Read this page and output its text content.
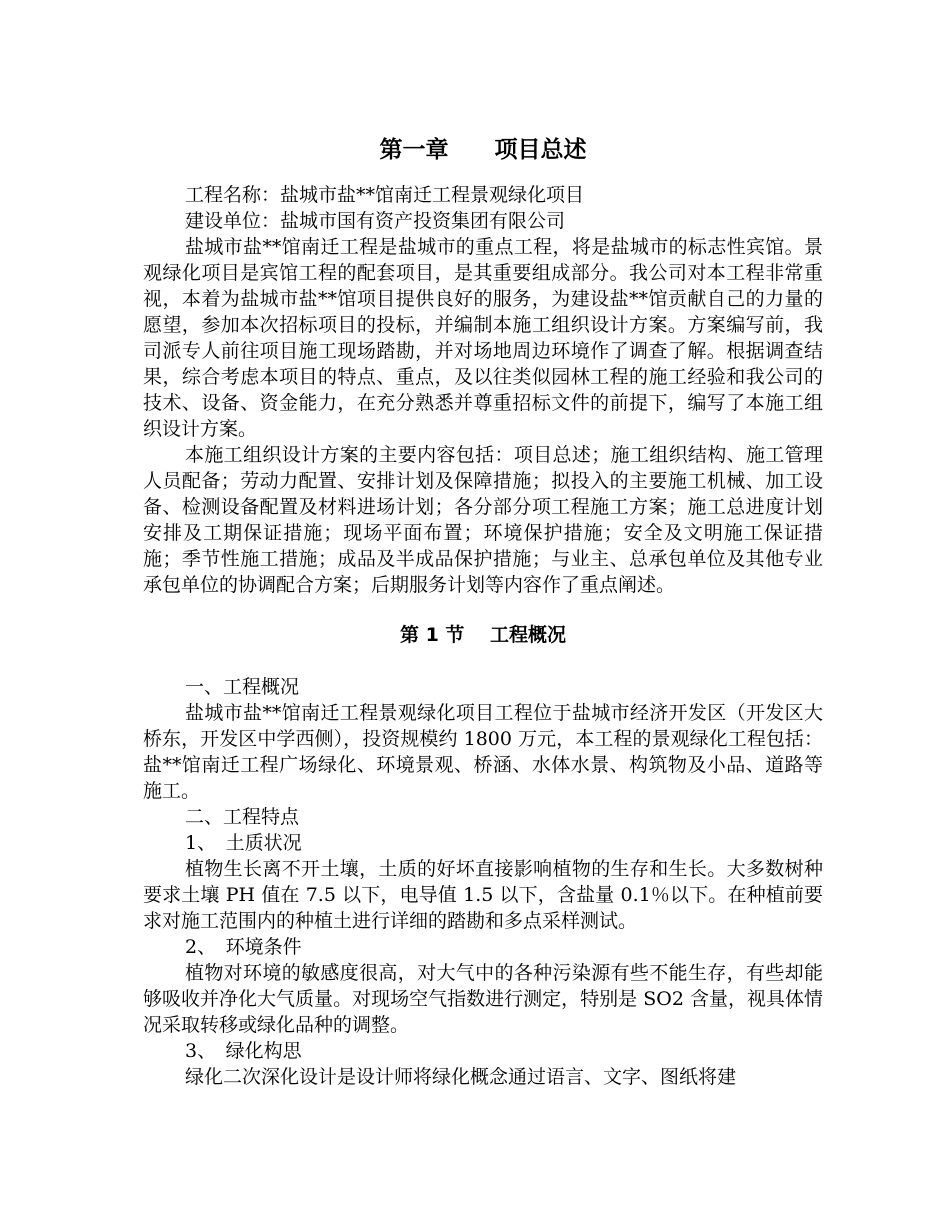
第一章　　项目总述

工程名称：盐城市盐**馆南迁工程景观绿化项目

建设单位：盐城市国有资产投资集团有限公司

盐城市盐**馆南迁工程是盐城市的重点工程，将是盐城市的标志性宾馆。景观绿化项目是宾馆工程的配套项目，是其重要组成部分。我公司对本工程非常重视，本着为盐城市盐**馆项目提供良好的服务，为建设盐**馆贡献自己的力量的愿望，参加本次招标项目的投标，并编制本施工组织设计方案。方案编写前，我司派专人前往项目施工现场踏勘，并对场地周边环境作了调查了解。根据调查结果，综合考虑本项目的特点、重点，及以往类似园林工程的施工经验和我公司的技术、设备、资金能力，在充分熟悉并尊重招标文件的前提下，编写了本施工组织设计方案。

本施工组织设计方案的主要内容包括：项目总述；施工组织结构、施工管理人员配备；劳动力配置、安排计划及保障措施；拟投入的主要施工机械、加工设备、检测设备配置及材料进场计划；各分部分项工程施工方案；施工总进度计划安排及工期保证措施；现场平面布置；环境保护措施；安全及文明施工保证措施；季节性施工措施；成品及半成品保护措施；与业主、总承包单位及其他专业承包单位的协调配合方案；后期服务计划等内容作了重点阐述。

第 1 节　 工程概况

一、工程概况

盐城市盐**馆南迁工程景观绿化项目工程位于盐城市经济开发区（开发区大桥东，开发区中学西侧），投资规模约 1800 万元，本工程的景观绿化工程包括：盐**馆南迁工程广场绿化、环境景观、桥涵、水体水景、构筑物及小品、道路等施工。

二、工程特点

1、　土质状况

植物生长离不开土壤，土质的好坏直接影响植物的生存和生长。大多数树种要求土壤 PH 值在 7.5 以下，电导值 1.5 以下，含盐量 0.1％以下。在种植前要求对施工范围内的种植土进行详细的踏勘和多点采样测试。

2、　环境条件

植物对环境的敏感度很高，对大气中的各种污染源有些不能生存，有些却能够吸收并净化大气质量。对现场空气指数进行测定，特别是 SO2 含量，视具体情况采取转移或绿化品种的调整。

3、　绿化构思

绿化二次深化设计是设计师将绿化概念通过语言、文字、图纸将建
